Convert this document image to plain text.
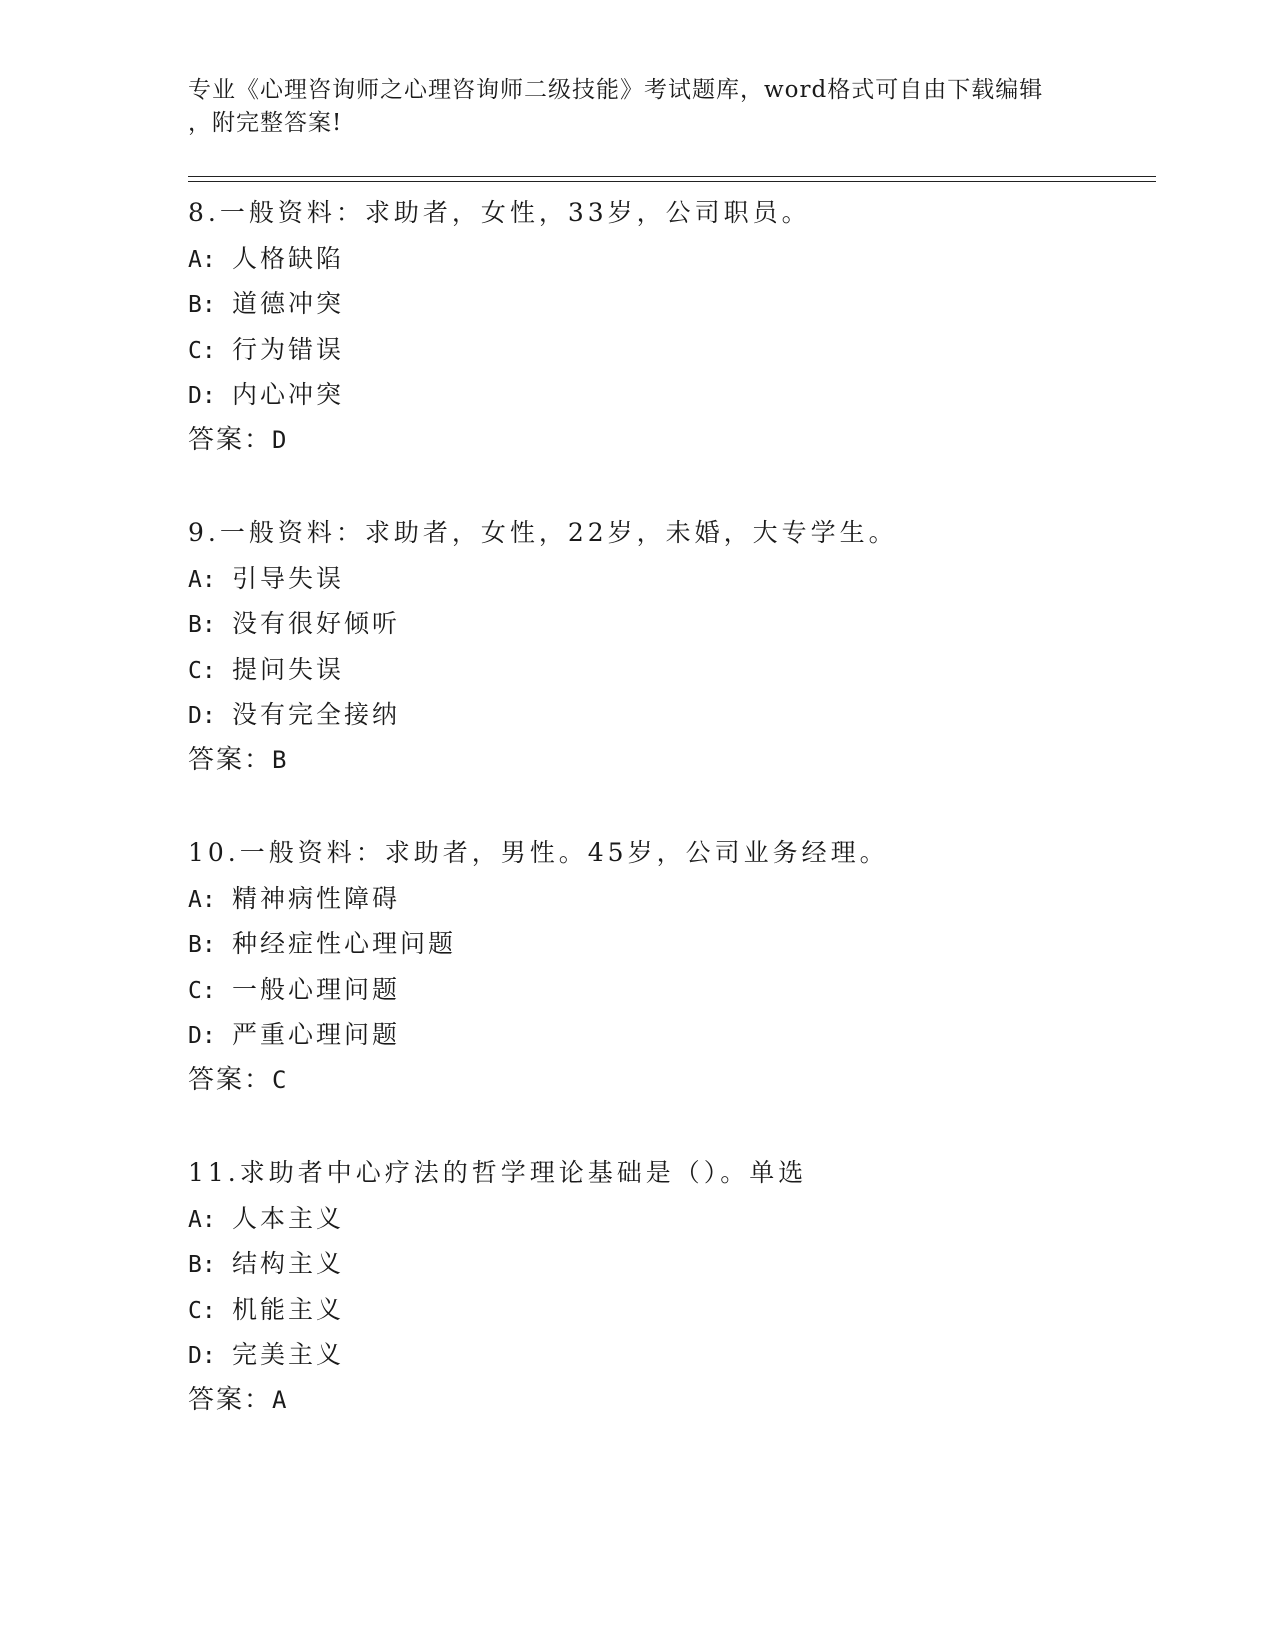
专业《心理咨询师之心理咨询师二级技能》考试题库，word格式可自由下载编辑
，附完整答案!
8.一般资料：求助者，女性，33岁，公司职员。
A: 人格缺陷
B: 道德冲突
C: 行为错误
D: 内心冲突
答案：D
9.一般资料：求助者，女性，22岁，未婚，大专学生。
A: 引导失误
B: 没有很好倾听
C: 提问失误
D: 没有完全接纳
答案：B
10.一般资料：求助者，男性。45岁，公司业务经理。
A: 精神病性障碍
B: 种经症性心理问题
C: 一般心理问题
D: 严重心理问题
答案：C
11.求助者中心疗法的哲学理论基础是（）。单选
A: 人本主义
B: 结构主义
C: 机能主义
D: 完美主义
答案：A
